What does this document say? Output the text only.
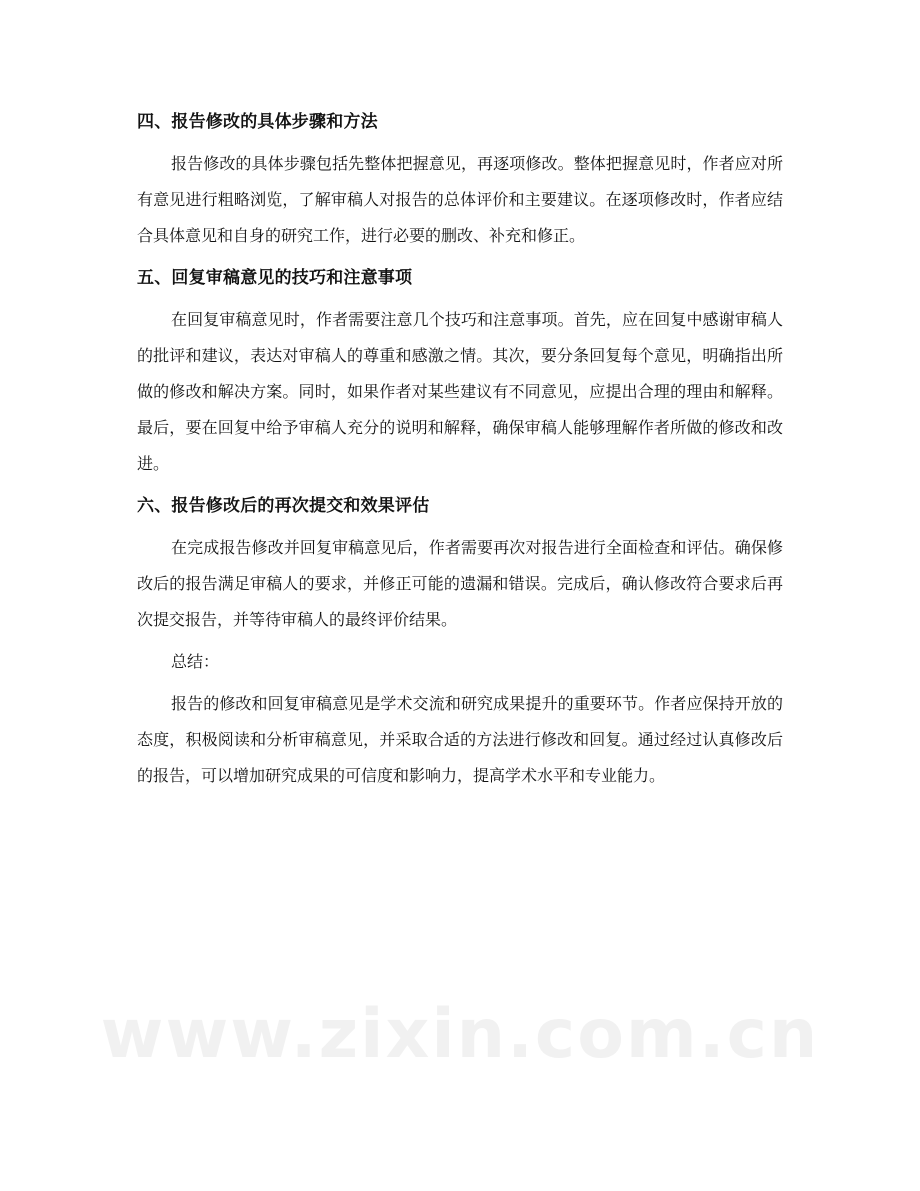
www.zixin.com.cn
四、报告修改的具体步骤和方法
报告修改的具体步骤包括先整体把握意见，再逐项修改。整体把握意见时，作者应对所有意见进行粗略浏览，了解审稿人对报告的总体评价和主要建议。在逐项修改时，作者应结合具体意见和自身的研究工作，进行必要的删改、补充和修正。
五、回复审稿意见的技巧和注意事项
在回复审稿意见时，作者需要注意几个技巧和注意事项。首先，应在回复中感谢审稿人的批评和建议，表达对审稿人的尊重和感激之情。其次，要分条回复每个意见，明确指出所做的修改和解决方案。同时，如果作者对某些建议有不同意见，应提出合理的理由和解释。最后，要在回复中给予审稿人充分的说明和解释，确保审稿人能够理解作者所做的修改和改进。
六、报告修改后的再次提交和效果评估
在完成报告修改并回复审稿意见后，作者需要再次对报告进行全面检查和评估。确保修改后的报告满足审稿人的要求，并修正可能的遗漏和错误。完成后，确认修改符合要求后再次提交报告，并等待审稿人的最终评价结果。
总结：
报告的修改和回复审稿意见是学术交流和研究成果提升的重要环节。作者应保持开放的态度，积极阅读和分析审稿意见，并采取合适的方法进行修改和回复。通过经过认真修改后的报告，可以增加研究成果的可信度和影响力，提高学术水平和专业能力。
